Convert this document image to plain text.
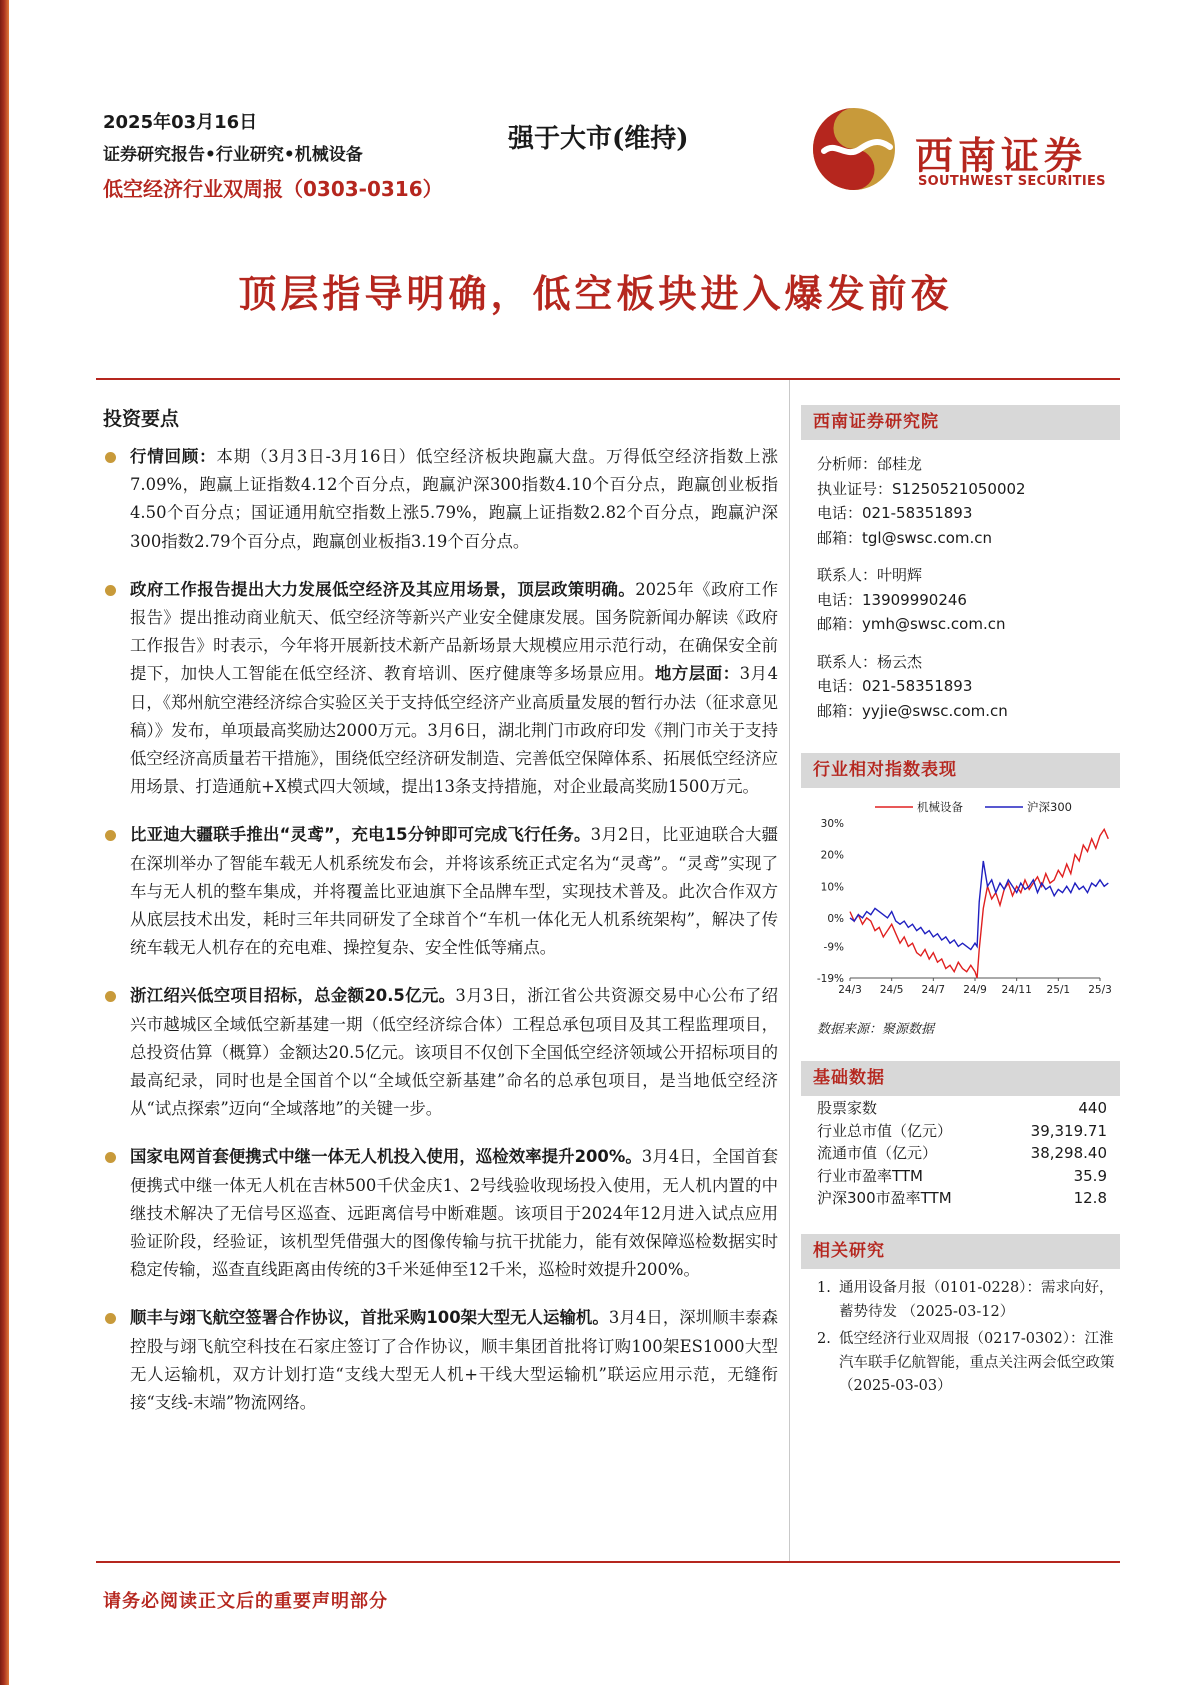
2025年03月16日
证券研究报告•行业研究•机械设备
低空经济行业双周报（0303-0316）
强于大市(维持)	西南证券
SOUTHWEST SECURITIES
顶层指导明确，低空板块进入爆发前夜
投资要点
行情回顾：本期（3月3日-3月16日）低空经济板块跑赢大盘。万得低空经济指数上涨7.09%，跑赢上证指数4.12个百分点，跑赢沪深300指数4.10个百分点，跑赢创业板指4.50个百分点；国证通用航空指数上涨5.79%，跑赢上证指数2.82个百分点，跑赢沪深300指数2.79个百分点，跑赢创业板指3.19个百分点。
政府工作报告提出大力发展低空经济及其应用场景，顶层政策明确。2025年《政府工作报告》提出推动商业航天、低空经济等新兴产业安全健康发展。国务院新闻办解读《政府工作报告》时表示，今年将开展新技术新产品新场景大规模应用示范行动，在确保安全前提下，加快人工智能在低空经济、教育培训、医疗健康等多场景应用。地方层面：3月4日，《郑州航空港经济综合实验区关于支持低空经济产业高质量发展的暂行办法（征求意见稿）》发布，单项最高奖励达2000万元。3月6日，湖北荆门市政府印发《荆门市关于支持低空经济高质量若干措施》，围绕低空经济研发制造、完善低空保障体系、拓展低空经济应用场景、打造通航+X模式四大领域，提出13条支持措施，对企业最高奖励1500万元。
比亚迪大疆联手推出“灵鸢”，充电15分钟即可完成飞行任务。3月2日，比亚迪联合大疆在深圳举办了智能车载无人机系统发布会，并将该系统正式定名为“灵鸢”。“灵鸢”实现了车与无人机的整车集成，并将覆盖比亚迪旗下全品牌车型，实现技术普及。此次合作双方从底层技术出发，耗时三年共同研发了全球首个“车机一体化无人机系统架构”，解决了传统车载无人机存在的充电难、操控复杂、安全性低等痛点。
浙江绍兴低空项目招标，总金额20.5亿元。3月3日，浙江省公共资源交易中心公布了绍兴市越城区全域低空新基建一期（低空经济综合体）工程总承包项目及其工程监理项目，总投资估算（概算）金额达20.5亿元。该项目不仅创下全国低空经济领域公开招标项目的最高纪录，同时也是全国首个以“全域低空新基建”命名的总承包项目，是当地低空经济从“试点探索”迈向“全域落地”的关键一步。
国家电网首套便携式中继一体无人机投入使用，巡检效率提升200%。3月4日，全国首套便携式中继一体无人机在吉林500千伏金庆1、2号线验收现场投入使用，无人机内置的中继技术解决了无信号区巡查、远距离信号中断难题。该项目于2024年12月进入试点应用验证阶段，经验证，该机型凭借强大的图像传输与抗干扰能力，能有效保障巡检数据实时稳定传输，巡查直线距离由传统的3千米延伸至12千米，巡检时效提升200%。
顺丰与翊飞航空签署合作协议，首批采购100架大型无人运输机。3月4日，深圳顺丰泰森控股与翊飞航空科技在石家庄签订了合作协议，顺丰集团首批将订购100架ES1000大型无人运输机，双方计划打造“支线大型无人机+干线大型运输机”联运应用示范，无缝衔接“支线-末端”物流网络。
西南证券研究院
分析师：邰桂龙
执业证号：S1250521050002
电话：021-58351893
邮箱：tgl@swsc.com.cn
联系人：叶明辉
电话：13909990246
邮箱：ymh@swsc.com.cn
联系人：杨云杰
电话：021-58351893
邮箱：yyjie@swsc.com.cn
行业相对指数表现
30%
20%
10%
0%
-9%
-19%
24/3 24/5 24/7 24/9 24/11 25/1 25/3
机械设备	沪深300
数据来源：聚源数据
基础数据
股票家数	440
行业总市值（亿元）	39,319.71
流通市值（亿元）	38,298.40
行业市盈率TTM	35.9
沪深300市盈率TTM	12.8
相关研究
1. 通用设备月报（0101-0228）：需求向好，蓄势待发 （2025-03-12）
2. 低空经济行业双周报（0217-0302）：江淮汽车联手亿航智能，重点关注两会低空政策 （2025-03-03）
请务必阅读正文后的重要声明部分
